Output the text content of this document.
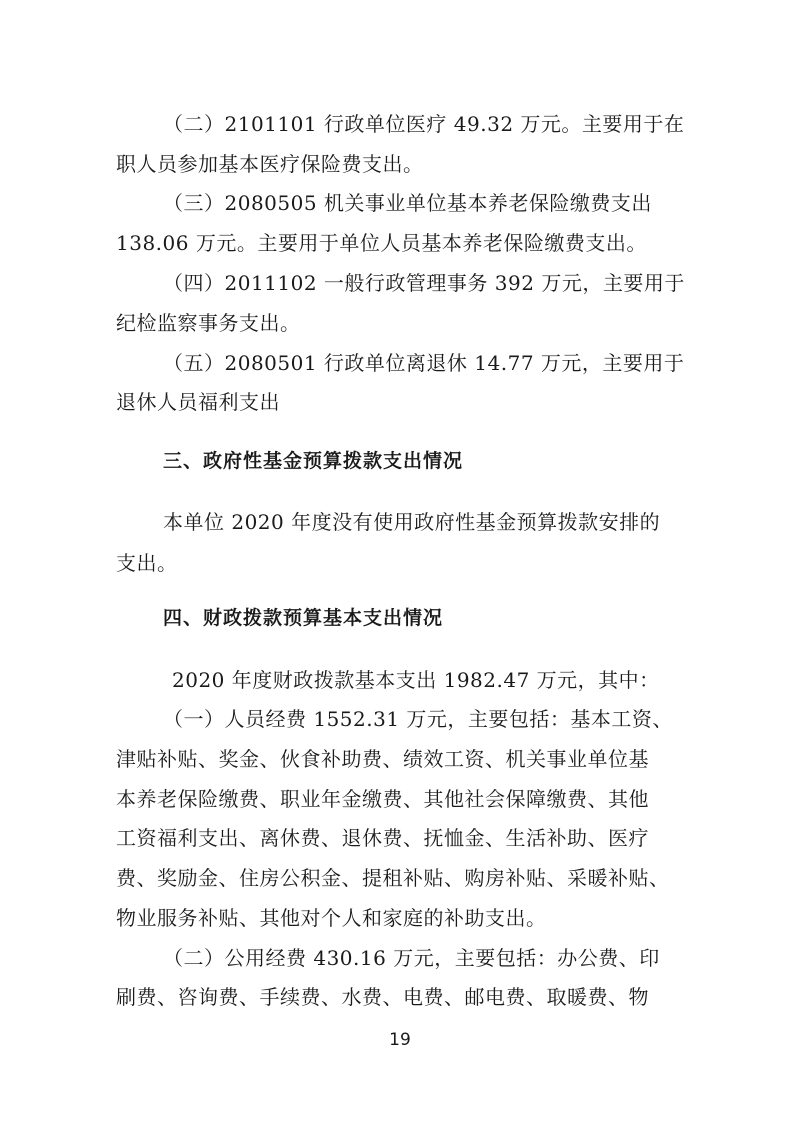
（二）2101101 行政单位医疗 49.32 万元。主要用于在
职人员参加基本医疗保险费支出。
（三）2080505 机关事业单位基本养老保险缴费支出
138.06 万元。主要用于单位人员基本养老保险缴费支出。
（四）2011102 一般行政管理事务 392 万元，主要用于
纪检监察事务支出。
（五）2080501 行政单位离退休 14.77 万元，主要用于
退休人员福利支出
三、政府性基金预算拨款支出情况
本单位 2020 年度没有使用政府性基金预算拨款安排的
支出。
四、财政拨款预算基本支出情况
2020 年度财政拨款基本支出 1982.47 万元，其中：
（一）人员经费 1552.31 万元，主要包括：基本工资、
津贴补贴、奖金、伙食补助费、绩效工资、机关事业单位基
本养老保险缴费、职业年金缴费、其他社会保障缴费、其他
工资福利支出、离休费、退休费、抚恤金、生活补助、医疗
费、奖励金、住房公积金、提租补贴、购房补贴、采暖补贴、
物业服务补贴、其他对个人和家庭的补助支出。
（二）公用经费 430.16 万元，主要包括：办公费、印
刷费、咨询费、手续费、水费、电费、邮电费、取暖费、物
19
